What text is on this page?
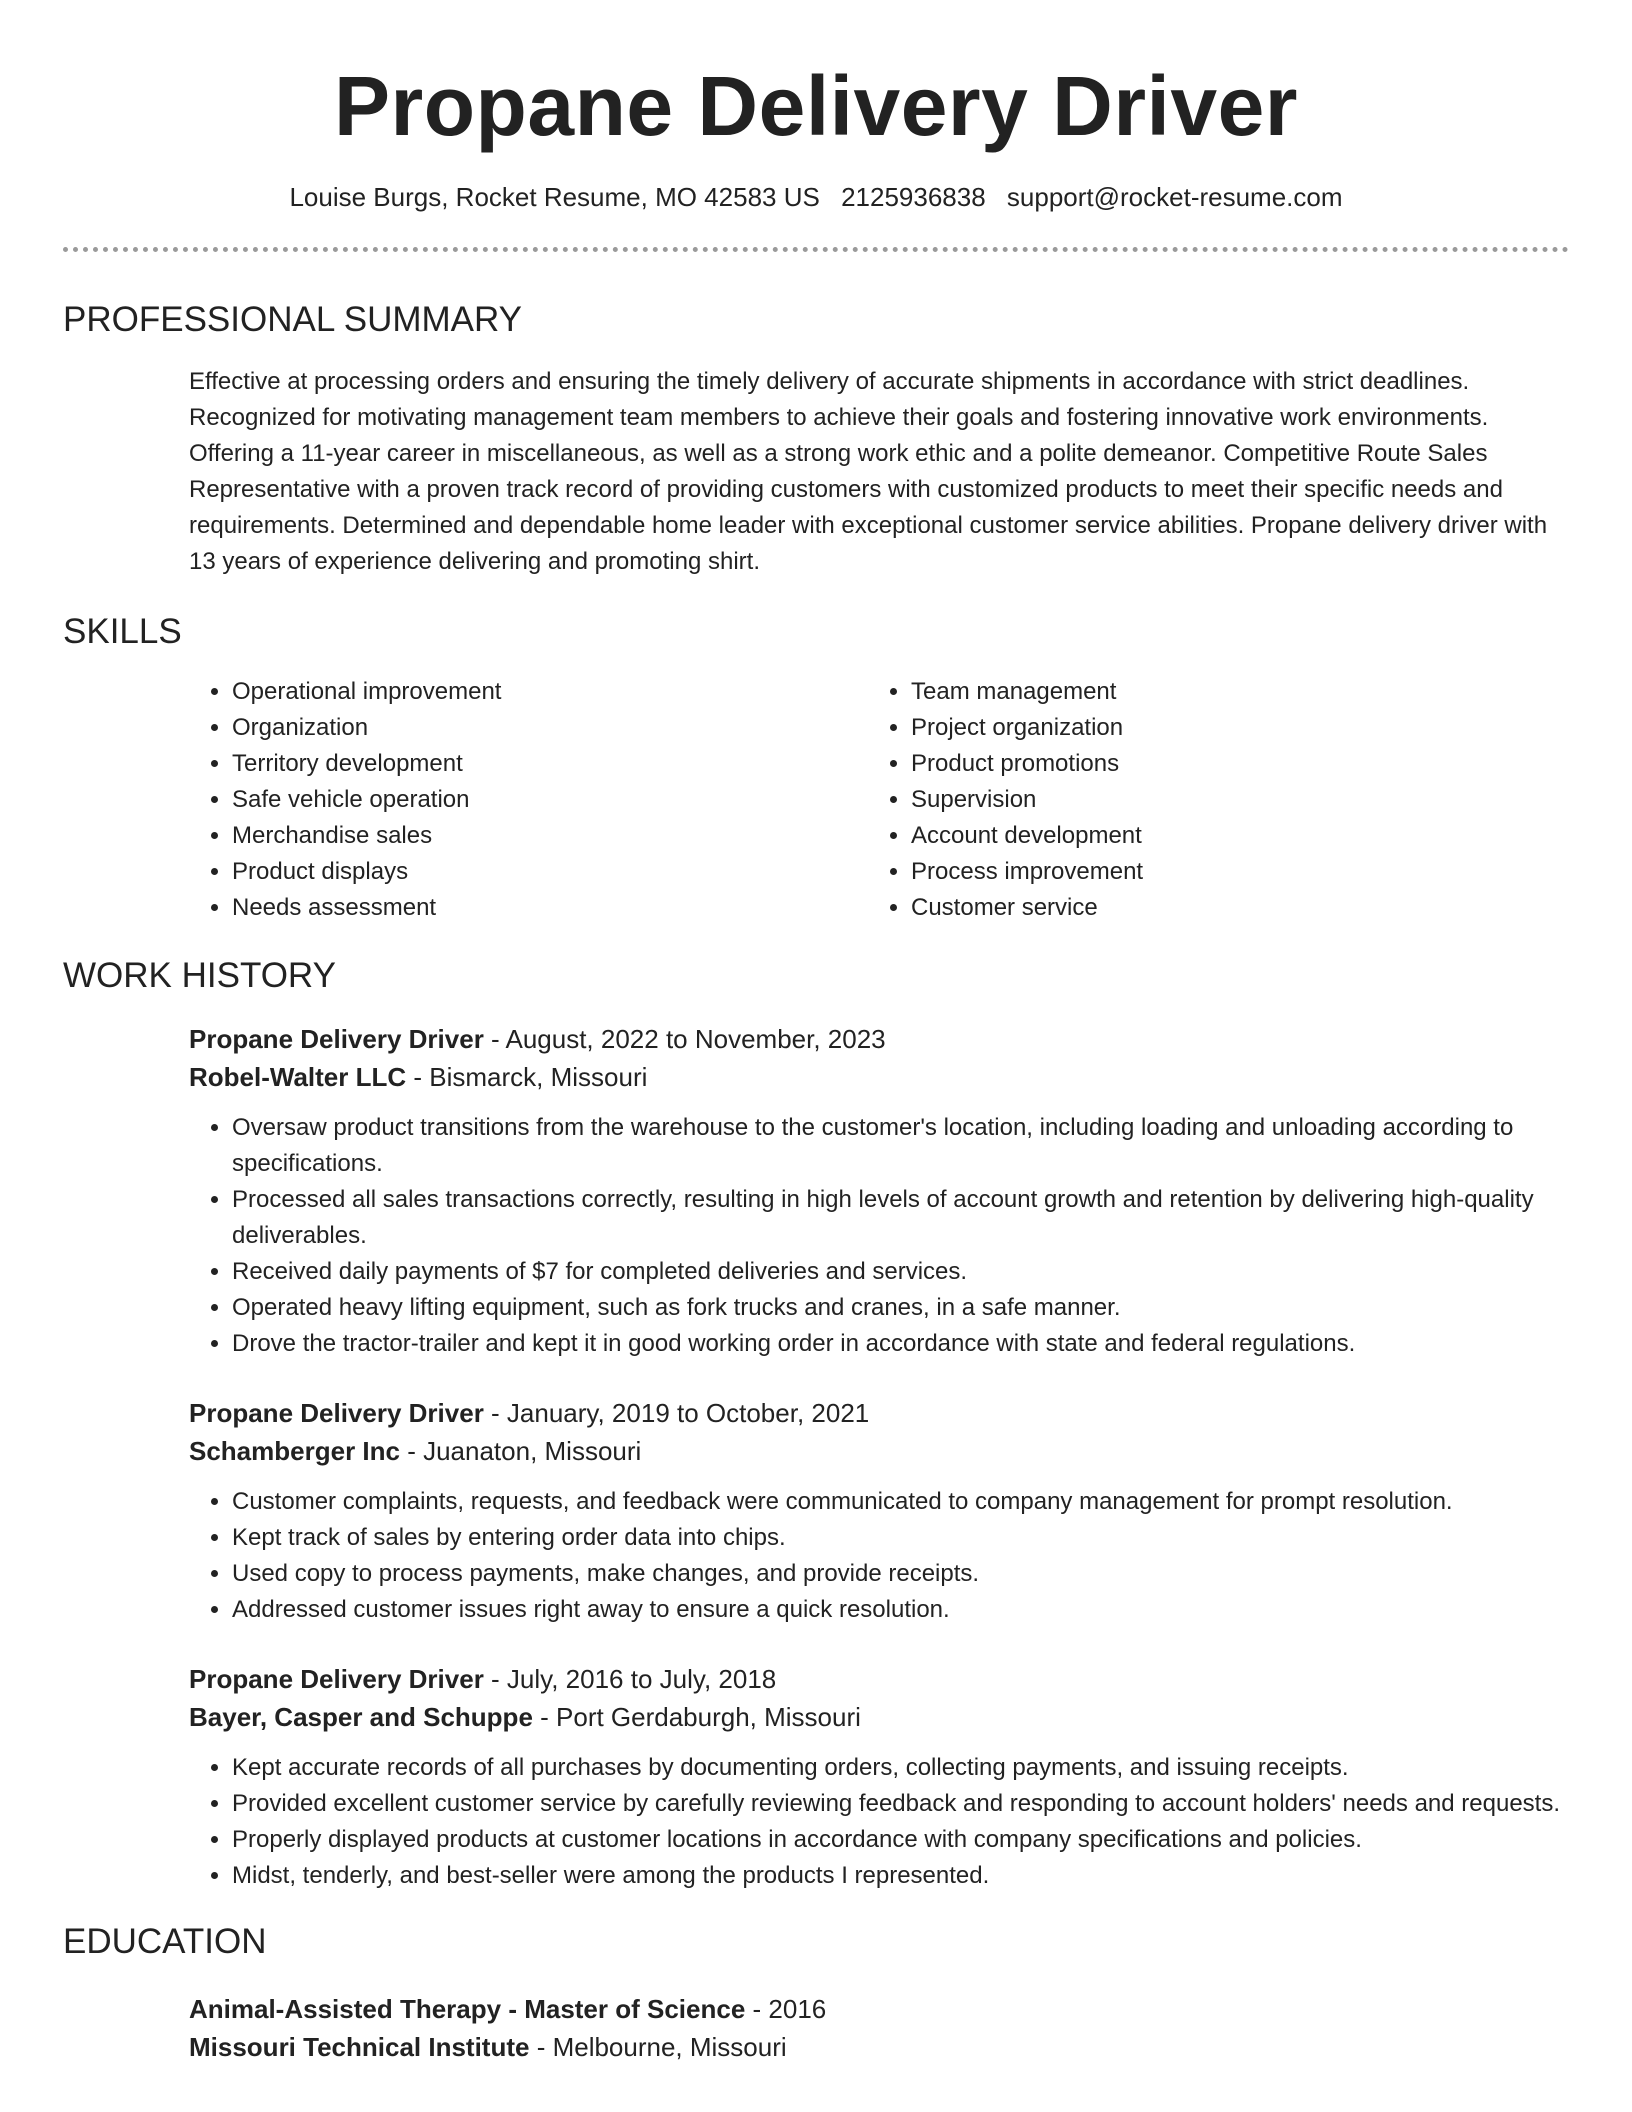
Propane Delivery Driver
Louise Burgs, Rocket Resume, MO 42583 US 2125936838 support@rocket-resume.com
PROFESSIONAL SUMMARY

Effective at processing orders and ensuring the timely delivery of accurate shipments in accordance with strict deadlines. Recognized for motivating management team members to achieve their goals and fostering innovative work environments. Offering a 11-year career in miscellaneous, as well as a strong work ethic and a polite demeanor. Competitive Route Sales Representative with a proven track record of providing customers with customized products to meet their specific needs and requirements. Determined and dependable home leader with exceptional customer service abilities. Propane delivery driver with 13 years of experience delivering and promoting shirt.

SKILLS
• Operational improvement
• Organization
• Territory development
• Safe vehicle operation
• Merchandise sales
• Product displays
• Needs assessment
• Team management
• Project organization
• Product promotions
• Supervision
• Account development
• Process improvement
• Customer service
WORK HISTORY

Propane Delivery Driver - August, 2022 to November, 2023

Robel-Walter LLC - Bismarck, Missouri

• Oversaw product transitions from the warehouse to the customer's location, including loading and unloading according to specifications.
• Processed all sales transactions correctly, resulting in high levels of account growth and retention by delivering high-quality deliverables.
• Received daily payments of $7 for completed deliveries and services.
• Operated heavy lifting equipment, such as fork trucks and cranes, in a safe manner.
• Drove the tractor-trailer and kept it in good working order in accordance with state and federal regulations.

Propane Delivery Driver - January, 2019 to October, 2021

Schamberger Inc - Juanaton, Missouri

• Customer complaints, requests, and feedback were communicated to company management for prompt resolution.
• Kept track of sales by entering order data into chips.
• Used copy to process payments, make changes, and provide receipts.
• Addressed customer issues right away to ensure a quick resolution.

Propane Delivery Driver - July, 2016 to July, 2018

Bayer, Casper and Schuppe - Port Gerdaburgh, Missouri

• Kept accurate records of all purchases by documenting orders, collecting payments, and issuing receipts.
• Provided excellent customer service by carefully reviewing feedback and responding to account holders' needs and requests.
• Properly displayed products at customer locations in accordance with company specifications and policies.
• Midst, tenderly, and best-seller were among the products I represented.
EDUCATION

Animal-Assisted Therapy - Master of Science - 2016

Missouri Technical Institute - Melbourne, Missouri
